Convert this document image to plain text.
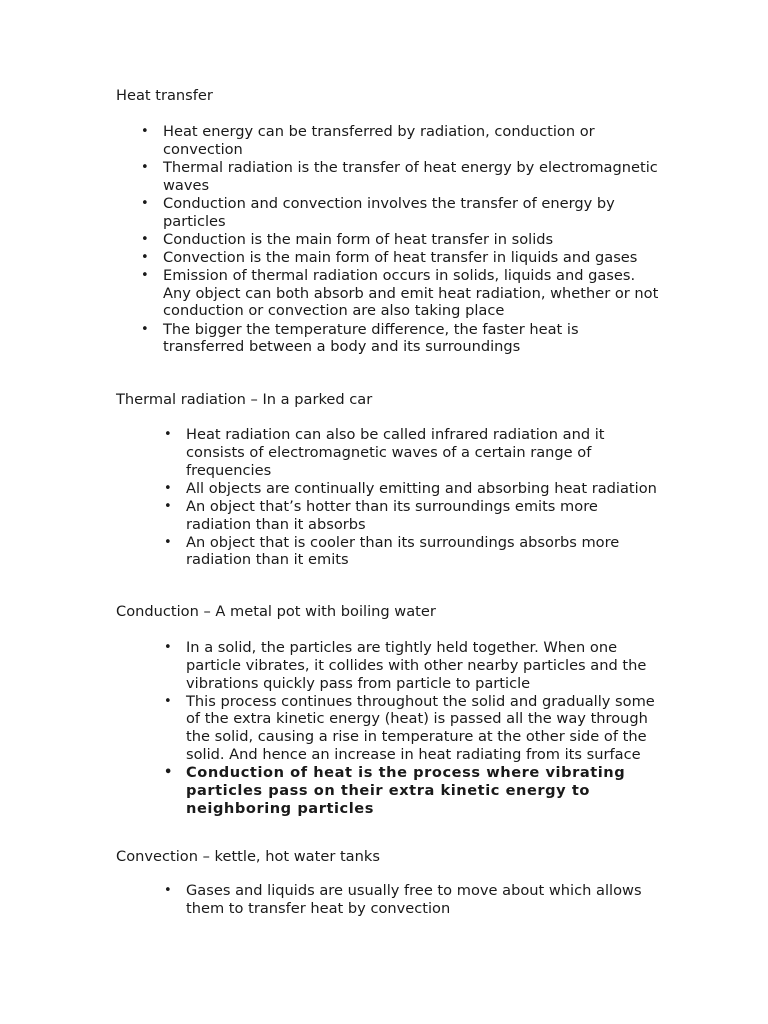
Heat transfer
• Heat energy can be transferred by radiation, conduction or convection
• Thermal radiation is the transfer of heat energy by electromagnetic waves
• Conduction and convection involves the transfer of energy by particles
• Conduction is the main form of heat transfer in solids
• Convection is the main form of heat transfer in liquids and gases
• Emission of thermal radiation occurs in solids, liquids and gases. Any object can both absorb and emit heat radiation, whether or not conduction or convection are also taking place
• The bigger the temperature difference, the faster heat is transferred between a body and its surroundings
Thermal radiation – In a parked car
• Heat radiation can also be called infrared radiation and it consists of electromagnetic waves of a certain range of frequencies
• All objects are continually emitting and absorbing heat radiation
• An object that’s hotter than its surroundings emits more radiation than it absorbs
• An object that is cooler than its surroundings absorbs more radiation than it emits
Conduction – A metal pot with boiling water
• In a solid, the particles are tightly held together. When one particle vibrates, it collides with other nearby particles and the vibrations quickly pass from particle to particle
• This process continues throughout the solid and gradually some of the extra kinetic energy (heat) is passed all the way through the solid, causing a rise in temperature at the other side of the solid. And hence an increase in heat radiating from its surface
• Conduction of heat is the process where vibrating particles pass on their extra kinetic energy to neighboring particles
Convection – kettle, hot water tanks
• Gases and liquids are usually free to move about which allows them to transfer heat by convection
